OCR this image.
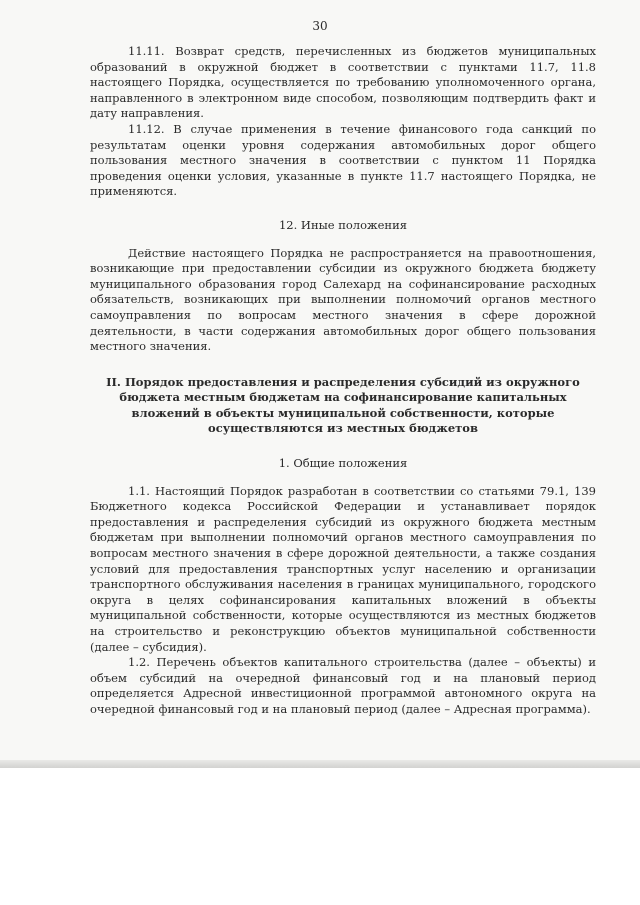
30

11.11. Возврат средств, перечисленных из бюджетов муниципальных образований в окружной бюджет в соответствии с пунктами 11.7, 11.8 настоящего Порядка, осуществляется по требованию уполномоченного органа, направленного в электронном виде способом, позволяющим подтвердить факт и дату направления.

11.12. В случае применения в течение финансового года санкций по результатам оценки уровня содержания автомобильных дорог общего пользования местного значения в соответствии с пунктом 11 Порядка проведения оценки условия, указанные в пункте 11.7 настоящего Порядка, не применяются.

12. Иные положения

Действие настоящего Порядка не распространяется на правоотношения, возникающие при предоставлении субсидии из окружного бюджета бюджету муниципального образования город Салехард на софинансирование расходных обязательств, возникающих при выполнении полномочий органов местного самоуправления по вопросам местного значения в сфере дорожной деятельности, в части содержания автомобильных дорог общего пользования местного значения.

II. Порядок предоставления и распределения субсидий из окружного бюджета местным бюджетам на софинансирование капитальных вложений в объекты муниципальной собственности, которые осуществляются из местных бюджетов
1. Общие положения

1.1. Настоящий Порядок разработан в соответствии со статьями 79.1, 139 Бюджетного кодекса Российской Федерации и устанавливает порядок предоставления и распределения субсидий из окружного бюджета местным бюджетам при выполнении полномочий органов местного самоуправления по вопросам местного значения в сфере дорожной деятельности, а также создания условий для предоставления транспортных услуг населению и организации транспортного обслуживания населения в границах муниципального, городского округа в целях софинансирования капитальных вложений в объекты муниципальной собственности, которые осуществляются из местных бюджетов на строительство и реконструкцию объектов муниципальной собственности (далее – субсидия).

1.2. Перечень объектов капитального строительства (далее – объекты) и объем субсидий на очередной финансовый год и на плановый период определяется Адресной инвестиционной программой автономного округа на очередной финансовый год и на плановый период (далее – Адресная программа).
